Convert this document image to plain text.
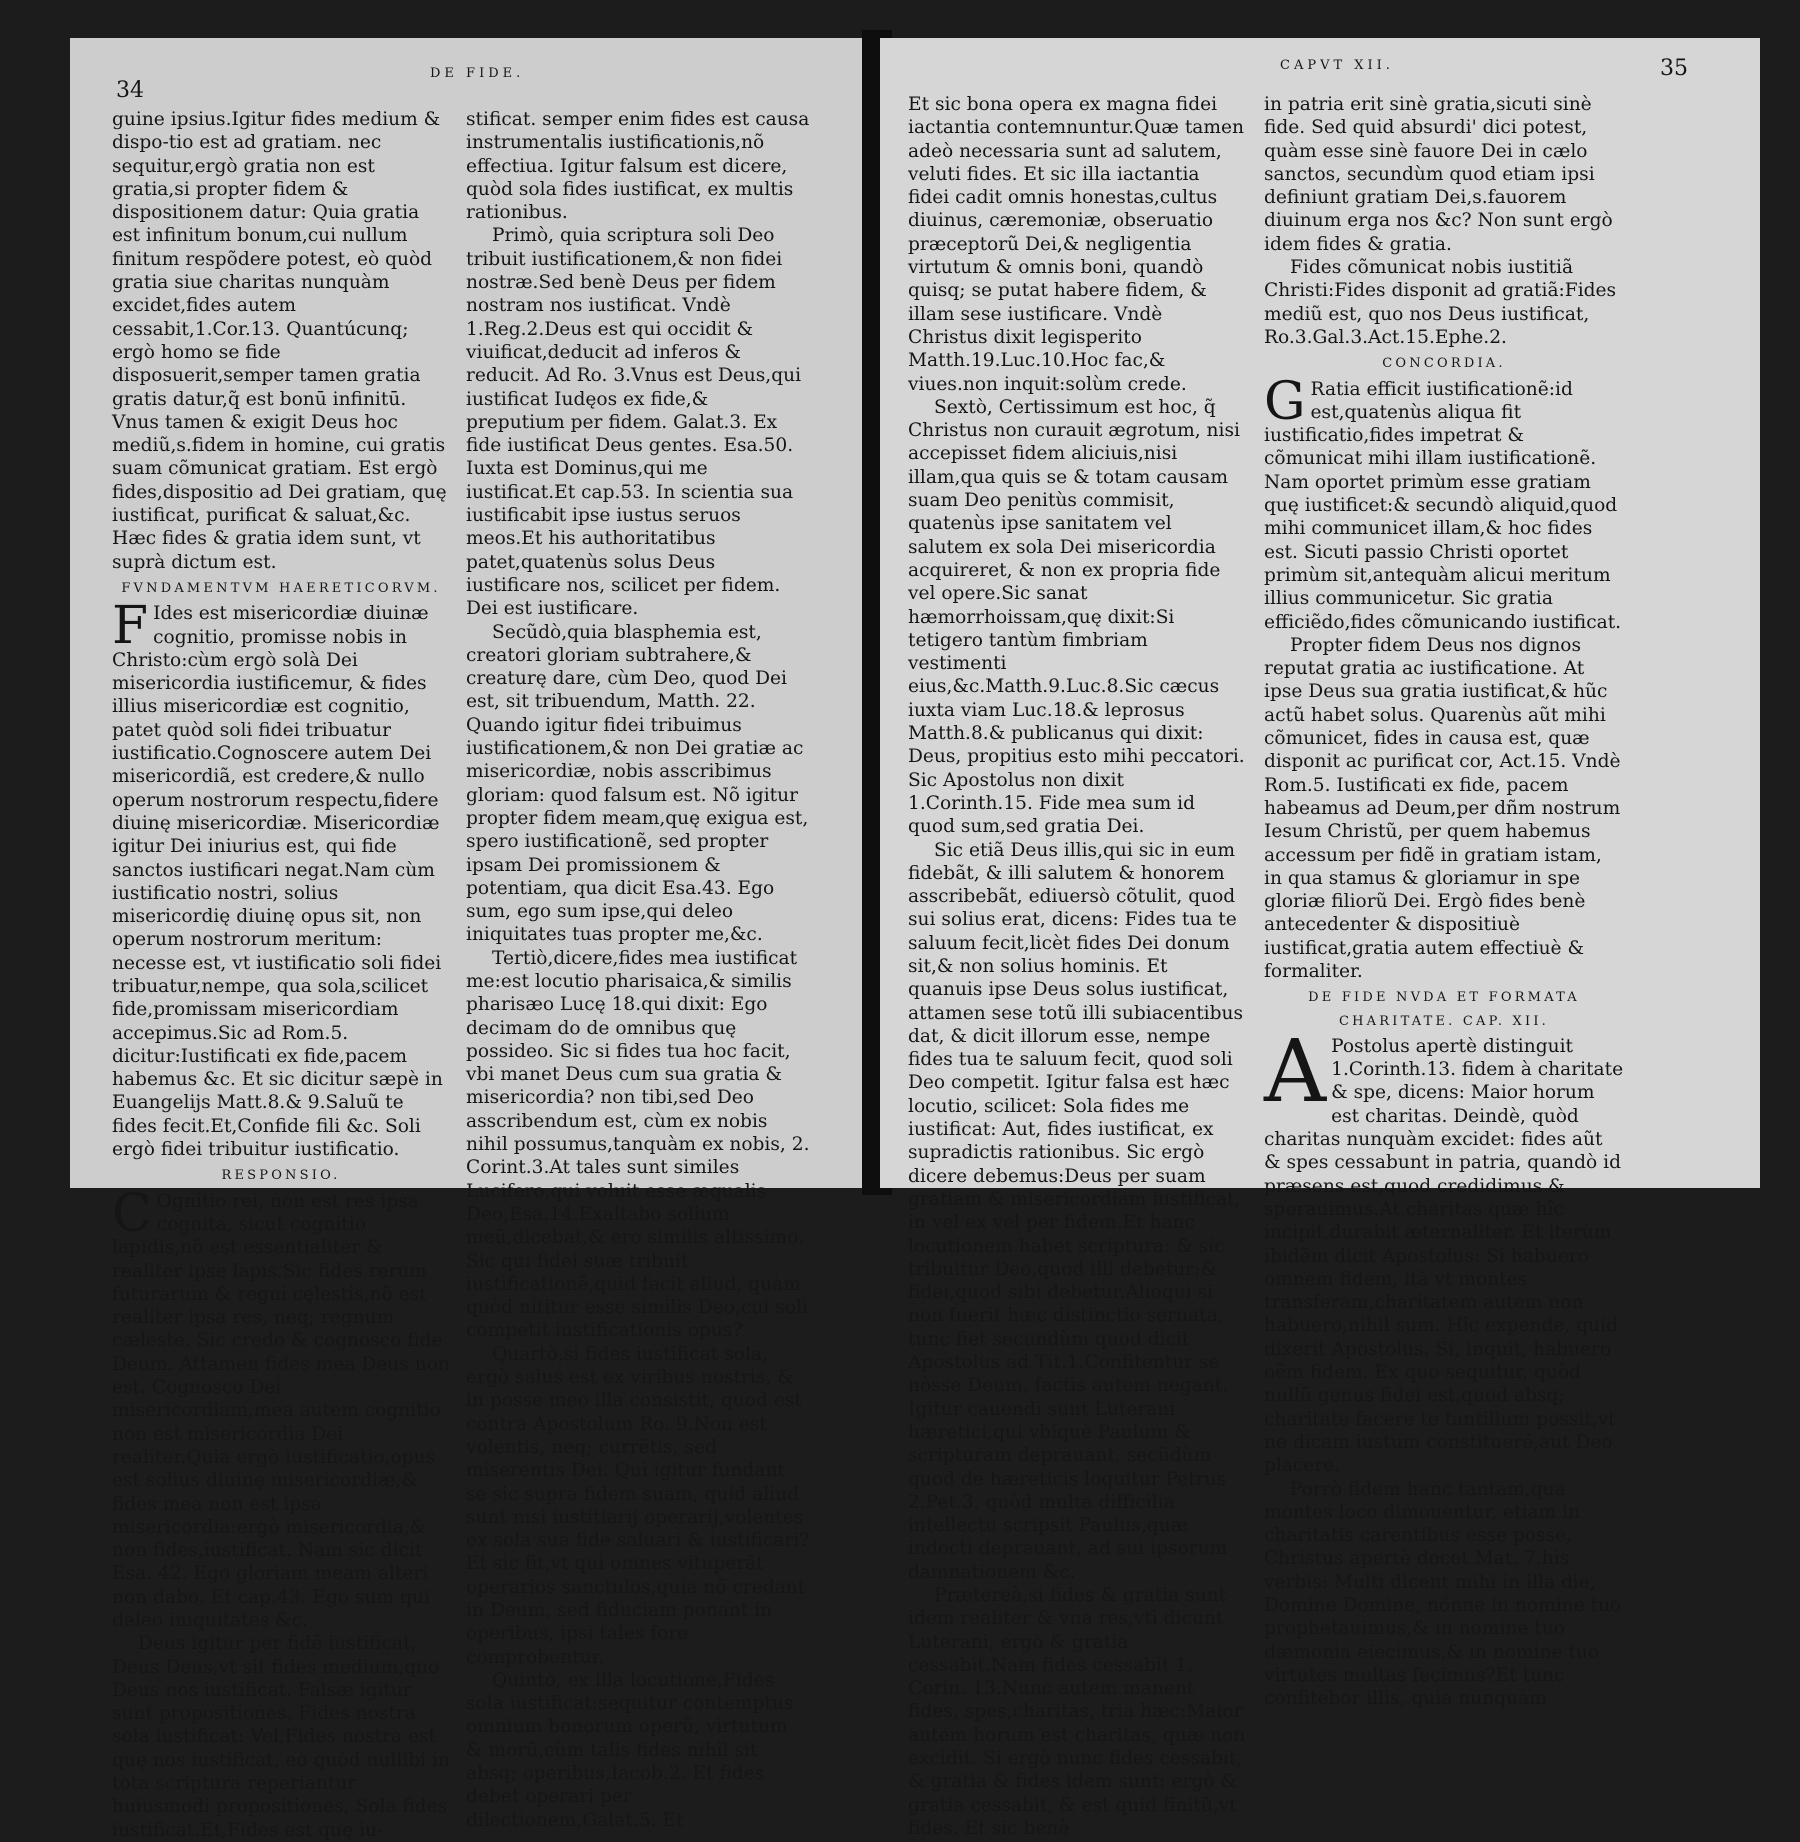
34
DE FIDE.

guine ipsius.Igitur fides medium & dispo-tio est ad gratiam. nec sequitur,ergò gratia non est gratia,si propter fidem & dispositionem datur: Quia gratia est infinitum bonum,cui nullum finitum respõdere potest, eò quòd gratia siue charitas nunquàm excidet,fides autem cessabit,1.Cor.13. Quantúcunq; ergò homo se fide disposuerit,semper tamen gratia gratis datur,q̃ est bonū infinitū. Vnus tamen & exigit Deus hoc mediũ,s.fidem in homine, cui gratis suam cõmunicat gratiam. Est ergò fides,dispositio ad Dei gratiam, quę iustificat, purificat & saluat,&c. Hæc fides & gratia idem sunt, vt suprà dictum est.

FVNDAMENTVM HAERETICORVM.

F Ides est misericordiæ diuinæ cognitio, promisse nobis in Christo:cùm ergò solà Dei misericordia iustificemur, & fides illius misericordiæ est cognitio, patet quòd soli fidei tribuatur iustificatio.Cognoscere autem Dei misericordiã, est credere,& nullo operum nostrorum respectu,fidere diuinę misericordiæ. Misericordiæ igitur Dei iniurius est, qui fide sanctos iustificari negat.Nam cùm iustificatio nostri, solius misericordię diuinę opus sit, non operum nostrorum meritum: necesse est, vt iustificatio soli fidei tribuatur,nempe, qua sola,scilicet fide,promissam misericordiam accepimus.Sic ad Rom.5. dicitur:Iustificati ex fide,pacem habemus &c. Et sic dicitur sæpè in Euangelijs Matt.8.& 9.Saluũ te fides fecit.Et,Confide fili &c. Soli ergò fidei tribuitur iustificatio.

RESPONSIO.

C Ognitio rei, non est res ipsa cognita, sicut cognitio lapidis,nõ est essentialiter & realiter ipse lapis.Sic fides rerum futurarum & regni cęlestis,nõ est realiter ipsa res, neq; regnum cæleste. Sic credo & cognosco fide Deum. Attamen fides mea Deus non est. Cognosco Dei misericordiam,mea autem cognitio non est misericordia Dei realiter.Quia ergò iustificatio,opus est solius diuinę misericordiæ,& fides mea non est ipsa misericordia:ergò misericordia,& non fides,iustificat. Nam sic dicit Esa. 42. Ego gloriam meam alteri non dabo. Et cap.43. Ego sum qui deleo iniquitates &c.

Deus igitur per fidẽ iustificat, Deus Deus,vt sit fides medium,quo Deus nos iustificat. Falsæ igitur sunt propositiones, Fides nostra sola iustificat: Vel,Fides nostra est quę nos iustificat, eò quòd nullibi in tota scriptura reperiantur huiusmodi propositiones, Sola fides iustificat.Et,Fides est quę iu-

stificat. semper enim fides est causa instrumentalis iustificationis,nõ effectiua. Igitur falsum est dicere, quòd sola fides iustificat, ex multis rationibus.

Primò, quia scriptura soli Deo tribuit iustificationem,& non fidei nostræ.Sed benè Deus per fidem nostram nos iustificat. Vndè 1.Reg.2.Deus est qui occidit & viuificat,deducit ad inferos & reducit. Ad Ro. 3.Vnus est Deus,qui iustificat Iudęos ex fide,& preputium per fidem. Galat.3. Ex fide iustificat Deus gentes. Esa.50. Iuxta est Dominus,qui me iustificat.Et cap.53. In scientia sua iustificabit ipse iustus seruos meos.Et his authoritatibus patet,quatenùs solus Deus iustificare nos, scilicet per fidem. Dei est iustificare.

Secũdò,quia blasphemia est, creatori gloriam subtrahere,& creaturę dare, cùm Deo, quod Dei est, sit tribuendum, Matth. 22. Quando igitur fidei tribuimus iustificationem,& non Dei gratiæ ac misericordiæ, nobis asscribimus gloriam: quod falsum est. Nõ igitur propter fidem meam,quę exigua est, spero iustificationẽ, sed propter ipsam Dei promissionem & potentiam, qua dicit Esa.43. Ego sum, ego sum ipse,qui deleo iniquitates tuas propter me,&c.

Tertiò,dicere,fides mea iustificat me:est locutio pharisaica,& similis pharisæo Lucę 18.qui dixit: Ego decimam do de omnibus quę possideo. Sic si fides tua hoc facit, vbi manet Deus cum sua gratia & misericordia? non tibi,sed Deo asscribendum est, cùm ex nobis nihil possumus,tanquàm ex nobis, 2. Corint.3.At tales sunt similes Lucifero,qui voluit esse æqualis Deo,Esa.14.Exaltabo solium meũ,dicebat,& ero similis altissimo. Sic qui fidei suæ tribuit iustificationẽ,quid facit aliud, quàm quòd nititur esse similis Deo,cui soli competit iustificationis opus?

Quartò,si fides iustificat sola, ergò salus est ex viribus nostris, & in posse meo illa consistit, quod est contra Apostolum Ro. 9.Non est volentis, neq; currẽtis, sed miserentis Dei. Qui igitur fundant se sic supra fidem suam, quid aliud sunt nisi iustitiarij operarij,volentes ex sola sua fide saluari & iustificari?Et sic fit,vt qui omnes vituperãt operarios sanctulos,quia nõ credant in Deum, sed fiduciam ponant in operibus, ipsi tales fore comprobentur.

Quintò, ex illa locutione,Fides sola iustificat:sequitur contemptus omnium bonorum operũ, virtutum & morũ,cùm talis fides nihil sit absq; operibus,Iacob.2. Et fides debet operari per dilectionem,Galat.5. Et

CAPVT XII.	35

Et sic bona opera ex magna fidei iactantia contemnuntur.Quæ tamen adeò necessaria sunt ad salutem, veluti fides. Et sic illa iactantia fidei cadit omnis honestas,cultus diuinus, cæremoniæ, obseruatio præceptorũ Dei,& negligentia virtutum & omnis boni, quandò quisq; se putat habere fidem, & illam sese iustificare. Vndè Christus dixit legisperito Matth.19.Luc.10.Hoc fac,& viues.non inquit:solùm crede.

Sextò, Certissimum est hoc, q̃ Christus non curauit ægrotum, nisi accepisset fidem aliciuis,nisi illam,qua quis se & totam causam suam Deo penitùs commisit, quatenùs ipse sanitatem vel salutem ex sola Dei misericordia acquireret, & non ex propria fide vel opere.Sic sanat hæmorrhoissam,quę dixit:Si tetigero tantùm fimbriam vestimenti eius,&c.Matth.9.Luc.8.Sic cæcus iuxta viam Luc.18.& leprosus Matth.8.& publicanus qui dixit: Deus, propitius esto mihi peccatori. Sic Apostolus non dixit 1.Corinth.15. Fide mea sum id quod sum,sed gratia Dei.

Sic etiã Deus illis,qui sic in eum fidebãt, & illi salutem & honorem asscribebãt, ediuersò cõtulit, quod sui solius erat, dicens: Fides tua te saluum fecit,licèt fides Dei donum sit,& non solius hominis. Et quanuis ipse Deus solus iustificat, attamen sese totũ illi subiacentibus dat, & dicit illorum esse, nempe fides tua te saluum fecit, quod soli Deo competit. Igitur falsa est hæc locutio, scilicet: Sola fides me iustificat: Aut, fides iustificat, ex supradictis rationibus. Sic ergò dicere debemus:Deus per suam gratiam & misericordiam iustificat, in vel ex vel per fidem.Et hanc locutionem habet scriptura: & sic tribuitur Deo,quod illi debetur:& fidei,quod sibi debetur.Alioqui si non fuerit hæc distinctio seruata, tunc fiet secundùm quod dicit Apostolus ad Tit.1.Confitentur se nòsse Deum, factis autem negant. Igitur cauendi sunt Luterani hæretici,qui vbiquè Paulum & scripturam deprauant, secũdùm quod de hæreticis loquitur Petrus 2.Pet.3. quòd multa difficilia intellectu scripsit Paulus,quæ indocti deprauant, ad sui ipsorum damnationem &c.

Prætereà,si fides & gratia sunt idem realiter & vna res,vtì dicunt Luterani, ergò & gratia cessabit.Nam fides cessabit 1. Corin. 13.Nunc autem manent fides, spes,charitas, tria hæc:Maior autem horum est charitas, quæ non excidit. Si ergò nunc fides cessabit, & gratia & fides idem sunt: ergò & gratia cessabit, & est quid finitũ,vt fides. Et sic benè

in patria erit sinè gratia,sicuti sinè fide. Sed quid absurdi' dici potest, quàm esse sinè fauore Dei in cælo sanctos, secundùm quod etiam ipsi definiunt gratiam Dei,s.fauorem diuinum erga nos &c? Non sunt ergò idem fides & gratia.

Fides cõmunicat nobis iustitiã Christi:Fides disponit ad gratiã:Fides mediũ est, quo nos Deus iustificat, Ro.3.Gal.3.Act.15.Ephe.2.

CONCORDIA.

G Ratia efficit iustificationẽ:id est,quatenùs aliqua fit iustificatio,fides impetrat & cõmunicat mihi illam iustificationẽ. Nam oportet primùm esse gratiam quę iustificet:& secundò aliquid,quod mihi communicet illam,& hoc fides est. Sicuti passio Christi oportet primùm sit,antequàm alicui meritum illius communicetur. Sic gratia efficiẽdo,fides cõmunicando iustificat.

Propter fidem Deus nos dignos reputat gratia ac iustificatione. At ipse Deus sua gratia iustificat,& hũc actũ habet solus. Quarenùs aũt mihi cõmunicet, fides in causa est, quæ disponit ac purificat cor, Act.15. Vndè Rom.5. Iustificati ex fide, pacem habeamus ad Deum,per dñm nostrum Iesum Christũ, per quem habemus accessum per fidẽ in gratiam istam, in qua stamus & gloriamur in spe gloriæ filiorũ Dei. Ergò fides benè antecedenter & dispositiuè iustificat,gratia autem effectiuè & formaliter.

DE FIDE NVDA ET FORMATA CHARITATE. CAP. XII.

A Postolus apertè distinguit 1.Corinth.13. fidem à charitate & spe, dicens: Maior horum est charitas. Deindè, quòd charitas nunquàm excidet: fides aũt & spes cessabunt in patria, quandò id præsens est,quod credidimus & sperauimus.At charitas quæ hîc incipit,durabit æternaliter. Et iterùm ibidẽm dicit Apostolus: Si habuero omnem fidem, ità vt montes transferam,charitatem autem non habuero,nihil sum. Hîc expende, quid dixerit Apostolus. Si, inquit, habuero oẽm fidem. Ex quo sequitur, quòd nullũ genus fidei est,quod absq; charitate facere te tantillum possit,vt ne dicam iustum constitueré,aut Deo placere.

Porrò fidem hanc tantam,qua montes loco dimouentur, etiam in charitatis carentibus esse posse, Christus apertè docet Mat. 7.his verbis: Multi dicent mihi in illa die, Domine Domine, nónne in nomine tuo prophetauimus,& in nomine tuo dæmonia eiecimus,& in nomine tuo virtutes multas fecimus?Et tunc confitebor illis, quia nunquàm
